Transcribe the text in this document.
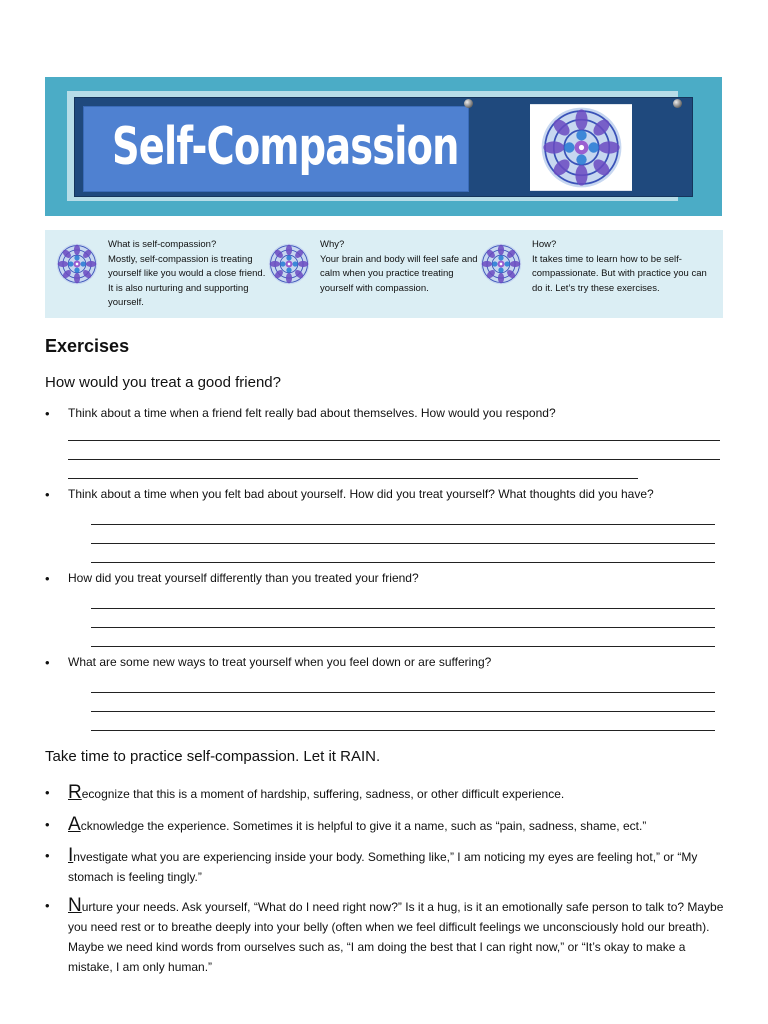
Self-Compassion
What is self-compassion?
Mostly, self-compassion is treating yourself like you would a close friend. It is also nurturing and supporting yourself.
Why?
Your brain and body will feel safe and calm when you practice treating yourself with compassion.
How?
It takes time to learn how to be self-compassionate. But with practice you can do it. Let’s try these exercises.
Exercises
How would you treat a good friend?
• Think about a time when a friend felt really bad about themselves. How would you respond?
• Think about a time when you felt bad about yourself. How did you treat yourself? What thoughts did you have?
• How did you treat yourself differently than you treated your friend?
• What are some new ways to treat yourself when you feel down or are suffering?
Take time to practice self-compassion. Let it RAIN.
• Recognize that this is a moment of hardship, suffering, sadness, or other difficult experience.
• Acknowledge the experience. Sometimes it is helpful to give it a name, such as “pain, sadness, shame, ect.”
• Investigate what you are experiencing inside your body. Something like,” I am noticing my eyes are feeling hot,” or “My stomach is feeling tingly.”
• Nurture your needs. Ask yourself, “What do I need right now?” Is it a hug, is it an emotionally safe person to talk to? Maybe you need rest or to breathe deeply into your belly (often when we feel difficult feelings we unconsciously hold our breath). Maybe we need kind words from ourselves such as, “I am doing the best that I can right now,” or “It’s okay to make a mistake, I am only human.”
